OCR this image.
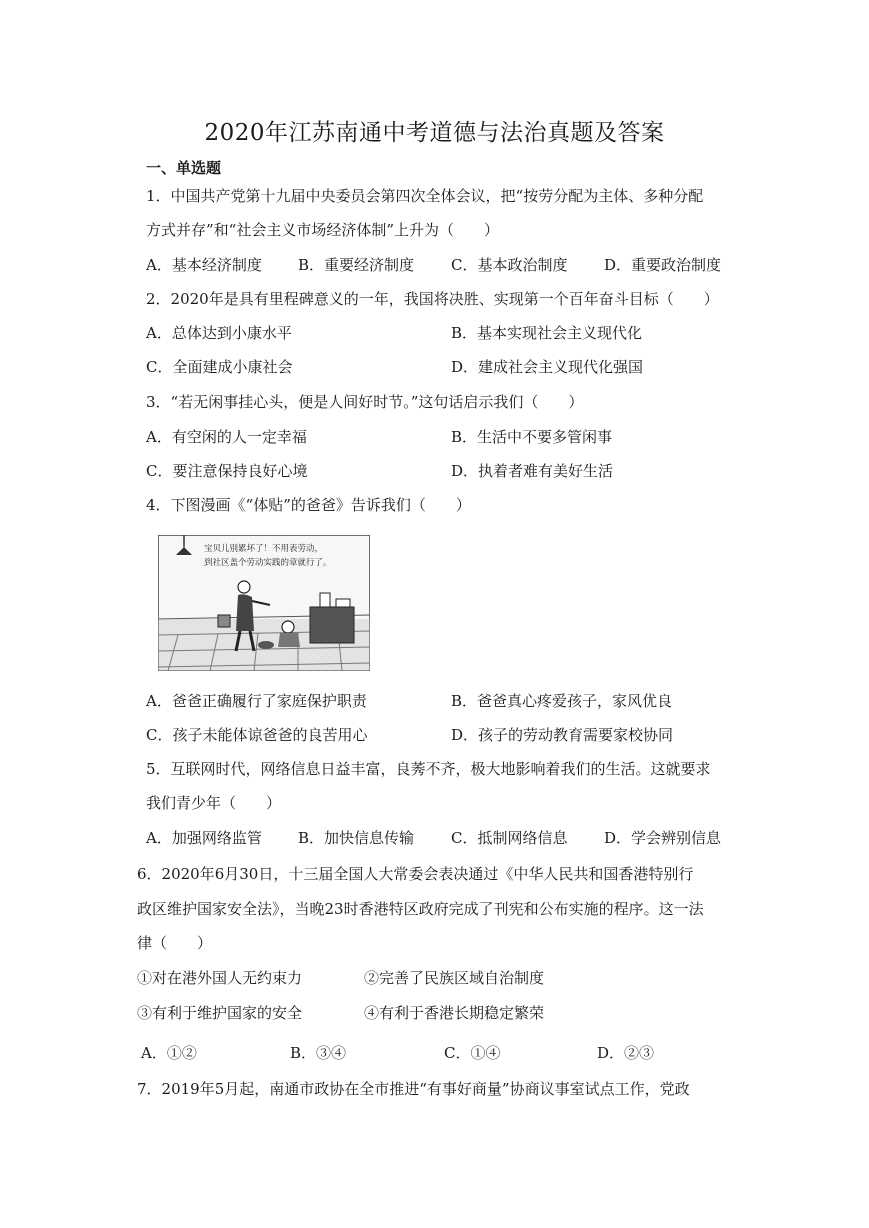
2020年江苏南通中考道德与法治真题及答案
一、单选题
1．中国共产党第十九届中央委员会第四次全体会议，把“按劳分配为主体、多种分配
方式并存”和“社会主义市场经济体制”上升为（　　）
A．基本经济制度 B．重要经济制度 C．基本政治制度 D．重要政治制度
2．2020年是具有里程碑意义的一年，我国将决胜、实现第一个百年奋斗目标（　　）
A．总体达到小康水平	B．基本实现社会主义现代化
C．全面建成小康社会	D．建成社会主义现代化强国
3．“若无闲事挂心头，便是人间好时节。”这句话启示我们（　　）
A．有空闲的人一定幸福	B．生活中不要多管闲事
C．要注意保持良好心境	D．执着者难有美好生活
4．下图漫画《“体贴”的爸爸》告诉我们（　　）
宝贝儿别累坏了！不用表劳动，
到社区盖个劳动实践的章就行了。
A．爸爸正确履行了家庭保护职责	B．爸爸真心疼爱孩子，家风优良
C．孩子未能体谅爸爸的良苦用心	D．孩子的劳动教育需要家校协同
5．互联网时代，网络信息日益丰富，良莠不齐，极大地影响着我们的生活。这就要求
我们青少年（　　）
A．加强网络监管 B．加快信息传输 C．抵制网络信息 D．学会辨别信息
6．2020年6月30日，十三届全国人大常委会表决通过《中华人民共和国香港特别行
政区维护国家安全法》，当晚23时香港特区政府完成了刊宪和公布实施的程序。这一法
律（　　）
①对在港外国人无约束力	②完善了民族区域自治制度
③有利于维护国家的安全	④有利于香港长期稳定繁荣
A．①②	B．③④	C．①④	D．②③
7．2019年5月起，南通市政协在全市推进“有事好商量”协商议事室试点工作，党政
